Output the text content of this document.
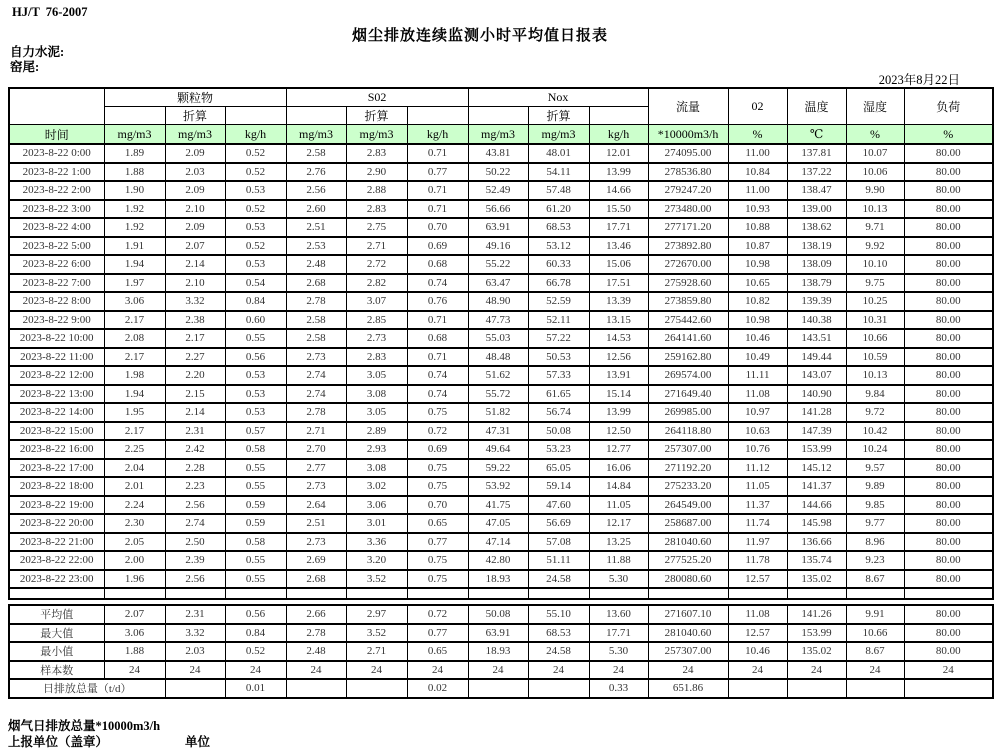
HJ/T  76-2007
烟尘排放连续监测小时平均值日报表
自力水泥:
窑尾:
2023年8月22日
	颗粒物			S02			Nox			流量	02	温度	湿度	负荷
		折算			折算			折算						
时间	mg/m3	mg/m3	kg/h	mg/m3	mg/m3	kg/h	mg/m3	mg/m3	kg/h	*10000m3/h	%	℃	%	%
2023-8-22 0:00	1.89	2.09	0.52	2.58	2.83	0.71	43.81	48.01	12.01	274095.00	11.00	137.81	10.07	80.00
2023-8-22 1:00	1.88	2.03	0.52	2.76	2.90	0.77	50.22	54.11	13.99	278536.80	10.84	137.22	10.06	80.00
2023-8-22 2:00	1.90	2.09	0.53	2.56	2.88	0.71	52.49	57.48	14.66	279247.20	11.00	138.47	9.90	80.00
2023-8-22 3:00	1.92	2.10	0.52	2.60	2.83	0.71	56.66	61.20	15.50	273480.00	10.93	139.00	10.13	80.00
2023-8-22 4:00	1.92	2.09	0.53	2.51	2.75	0.70	63.91	68.53	17.71	277171.20	10.88	138.62	9.71	80.00
2023-8-22 5:00	1.91	2.07	0.52	2.53	2.71	0.69	49.16	53.12	13.46	273892.80	10.87	138.19	9.92	80.00
2023-8-22 6:00	1.94	2.14	0.53	2.48	2.72	0.68	55.22	60.33	15.06	272670.00	10.98	138.09	10.10	80.00
2023-8-22 7:00	1.97	2.10	0.54	2.68	2.82	0.74	63.47	66.78	17.51	275928.60	10.65	138.79	9.75	80.00
2023-8-22 8:00	3.06	3.32	0.84	2.78	3.07	0.76	48.90	52.59	13.39	273859.80	10.82	139.39	10.25	80.00
2023-8-22 9:00	2.17	2.38	0.60	2.58	2.85	0.71	47.73	52.11	13.15	275442.60	10.98	140.38	10.31	80.00
2023-8-22 10:00	2.08	2.17	0.55	2.58	2.73	0.68	55.03	57.22	14.53	264141.60	10.46	143.51	10.66	80.00
2023-8-22 11:00	2.17	2.27	0.56	2.73	2.83	0.71	48.48	50.53	12.56	259162.80	10.49	149.44	10.59	80.00
2023-8-22 12:00	1.98	2.20	0.53	2.74	3.05	0.74	51.62	57.33	13.91	269574.00	11.11	143.07	10.13	80.00
2023-8-22 13:00	1.94	2.15	0.53	2.74	3.08	0.74	55.72	61.65	15.14	271649.40	11.08	140.90	9.84	80.00
2023-8-22 14:00	1.95	2.14	0.53	2.78	3.05	0.75	51.82	56.74	13.99	269985.00	10.97	141.28	9.72	80.00
2023-8-22 15:00	2.17	2.31	0.57	2.71	2.89	0.72	47.31	50.08	12.50	264118.80	10.63	147.39	10.42	80.00
2023-8-22 16:00	2.25	2.42	0.58	2.70	2.93	0.69	49.64	53.23	12.77	257307.00	10.76	153.99	10.24	80.00
2023-8-22 17:00	2.04	2.28	0.55	2.77	3.08	0.75	59.22	65.05	16.06	271192.20	11.12	145.12	9.57	80.00
2023-8-22 18:00	2.01	2.23	0.55	2.73	3.02	0.75	53.92	59.14	14.84	275233.20	11.05	141.37	9.89	80.00
2023-8-22 19:00	2.24	2.56	0.59	2.64	3.06	0.70	41.75	47.60	11.05	264549.00	11.37	144.66	9.85	80.00
2023-8-22 20:00	2.30	2.74	0.59	2.51	3.01	0.65	47.05	56.69	12.17	258687.00	11.74	145.98	9.77	80.00
2023-8-22 21:00	2.05	2.50	0.58	2.73	3.36	0.77	47.14	57.08	13.25	281040.60	11.97	136.66	8.96	80.00
2023-8-22 22:00	2.00	2.39	0.55	2.69	3.20	0.75	42.80	51.11	11.88	277525.20	11.78	135.74	9.23	80.00
2023-8-22 23:00	1.96	2.56	0.55	2.68	3.52	0.75	18.93	24.58	5.30	280080.60	12.57	135.02	8.67	80.00

平均值	2.07	2.31	0.56	2.66	2.97	0.72	50.08	55.10	13.60	271607.10	11.08	141.26	9.91	80.00
最大值	3.06	3.32	0.84	2.78	3.52	0.77	63.91	68.53	17.71	281040.60	12.57	153.99	10.66	80.00
最小值	1.88	2.03	0.52	2.48	2.71	0.65	18.93	24.58	5.30	257307.00	10.46	135.02	8.67	80.00
样本数	24	24	24	24	24	24	24	24	24	24	24	24	24	24
日排放总量（t/d）			0.01			0.02			0.33	651.86				
烟气日排放总量*10000m3/h
上报单位（盖章）	单位
